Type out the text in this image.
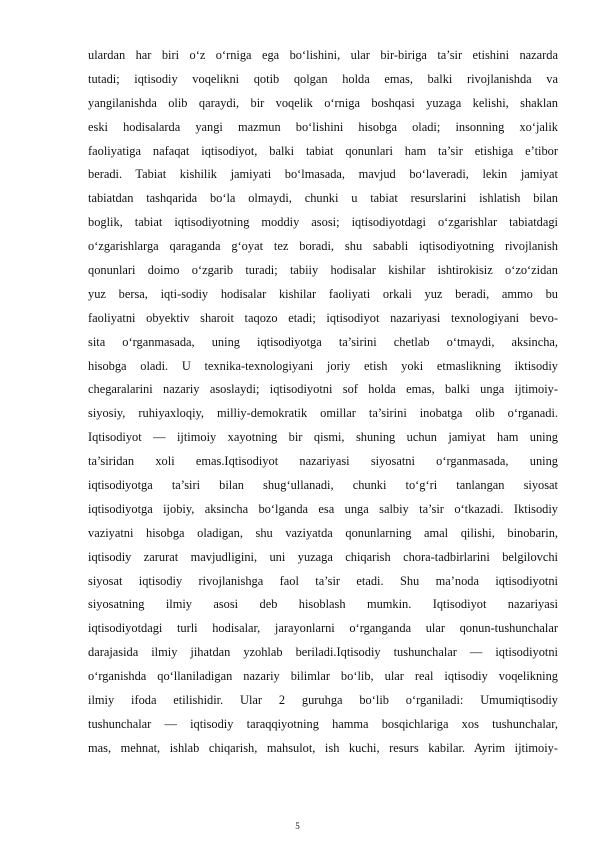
ulardan har biri o‘z o‘rniga ega bo‘lishini, ular bir-biriga ta’sir etishini nazarda
tutadi; iqtisodiy voqelikni qotib qolgan holda emas, balki rivojlanishda va
yangilanishda olib qaraydi, bir voqelik o‘rniga boshqasi yuzaga kelishi, shaklan
eski hodisalarda yangi mazmun bo‘lishini hisobga oladi; insonning xo‘jalik
faoliyatiga nafaqat iqtisodiyot, balki tabiat qonunlari ham ta’sir etishiga e’tibor
beradi. Tabiat kishilik jamiyati bo‘lmasada, mavjud bo‘laveradi, lekin jamiyat
tabiatdan tashqarida bo‘la olmaydi, chunki u tabiat resurslarini ishlatish bilan
boglik, tabiat iqtisodiyotning moddiy asosi; iqtisodiyotdagi o‘zgarishlar tabiatdagi
o‘zgarishlarga qaraganda g‘oyat tez boradi, shu sababli iqtisodiyotning rivojlanish
qonunlari doimo o‘zgarib turadi; tabiiy hodisalar kishilar ishtirokisiz o‘zo‘zidan
yuz bersa, iqti-sodiy hodisalar kishilar faoliyati orkali yuz beradi, ammo bu
faoliyatni obyektiv sharoit taqozo etadi; iqtisodiyot nazariyasi texnologiyani bevo-
sita o‘rganmasada, uning iqtisodiyotga ta’sirini chetlab o‘tmaydi, aksincha,
hisobga oladi. U texnika-texnologiyani joriy etish yoki etmaslikning iktisodiy
chegaralarini nazariy asoslaydi; iqtisodiyotni sof holda emas, balki unga ijtimoiy-
siyosiy, ruhiyaxloqiy, milliy-demokratik omillar ta’sirini inobatga olib o‘rganadi.
Iqtisodiyot — ijtimoiy xayotning bir qismi, shuning uchun jamiyat ham uning
ta’siridan xoli emas.Iqtisodiyot nazariyasi siyosatni o‘rganmasada, uning
iqtisodiyotga ta’siri bilan shug‘ullanadi, chunki to‘g‘ri tanlangan siyosat
iqtisodiyotga ijobiy, aksincha bo‘lganda esa unga salbiy ta’sir o‘tkazadi. Iktisodiy
vaziyatni hisobga oladigan, shu vaziyatda qonunlarning amal qilishi, binobarin,
iqtisodiy zarurat mavjudligini, uni yuzaga chiqarish chora-tadbirlarini belgilovchi
siyosat iqtisodiy rivojlanishga faol ta’sir etadi. Shu ma’noda iqtisodiyotni
siyosatning ilmiy asosi deb hisoblash mumkin. Iqtisodiyot nazariyasi
iqtisodiyotdagi turli hodisalar, jarayonlarni o‘rganganda ular qonun-tushunchalar
darajasida ilmiy jihatdan yzohlab beriladi.Iqtisodiy tushunchalar — iqtisodiyotni
o‘rganishda qo‘llaniladigan nazariy bilimlar bo‘lib, ular real iqtisodiy voqelikning
ilmiy ifoda etilishidir. Ular 2 guruhga bo‘lib o‘rganiladi: Umumiqtisodiy
tushunchalar — iqtisodiy taraqqiyotning hamma bosqichlariga xos tushunchalar,
mas, mehnat, ishlab chiqarish, mahsulot, ish kuchi, resurs kabilar. Ayrim ijtimoiy-
5
